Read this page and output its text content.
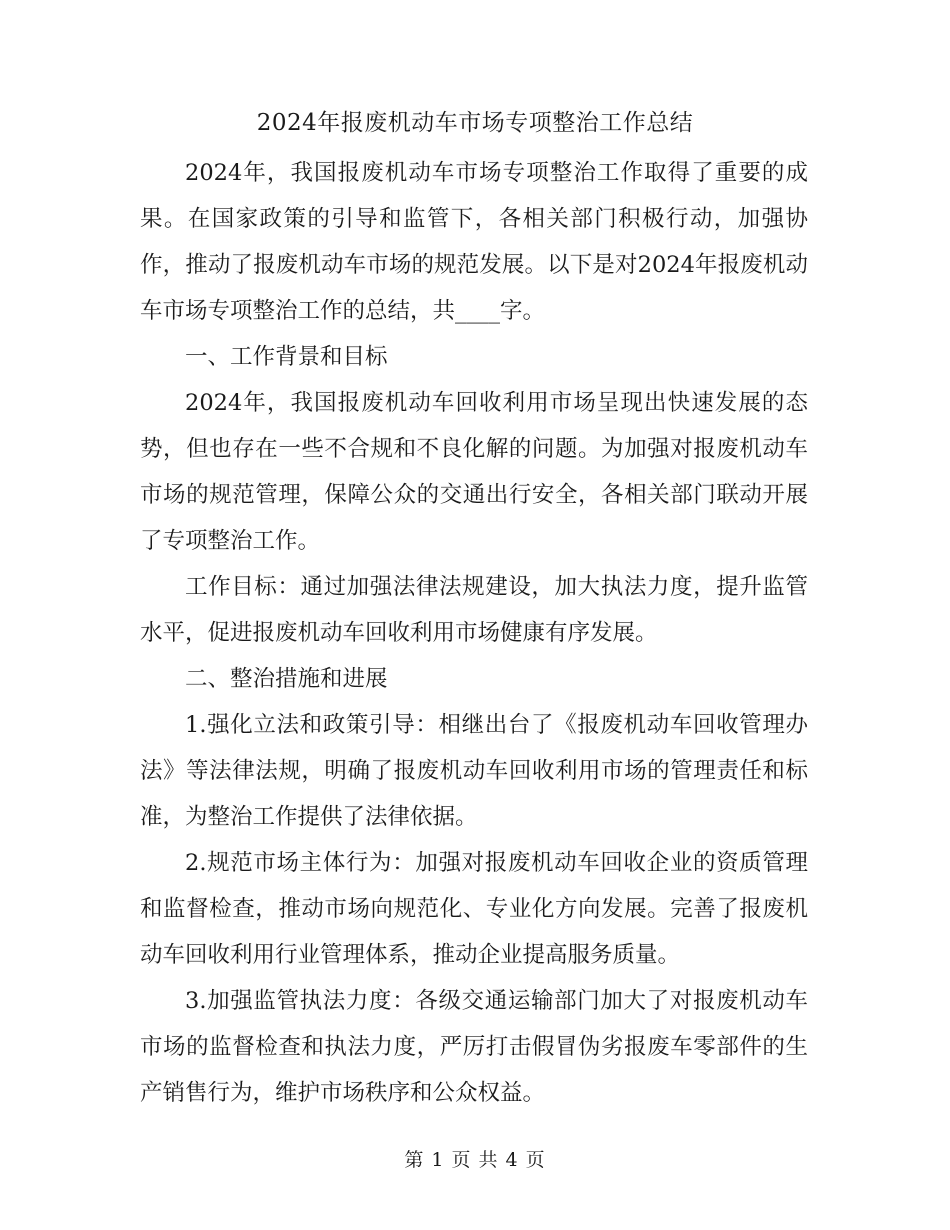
2024年报废机动车市场专项整治工作总结

2024年，我国报废机动车市场专项整治工作取得了重要的成果。在国家政策的引导和监管下，各相关部门积极行动，加强协作，推动了报废机动车市场的规范发展。以下是对2024年报废机动车市场专项整治工作的总结，共____字。

一、工作背景和目标

2024年，我国报废机动车回收利用市场呈现出快速发展的态势，但也存在一些不合规和不良化解的问题。为加强对报废机动车市场的规范管理，保障公众的交通出行安全，各相关部门联动开展了专项整治工作。

工作目标：通过加强法律法规建设，加大执法力度，提升监管水平，促进报废机动车回收利用市场健康有序发展。

二、整治措施和进展

1.强化立法和政策引导：相继出台了《报废机动车回收管理办法》等法律法规，明确了报废机动车回收利用市场的管理责任和标准，为整治工作提供了法律依据。

2.规范市场主体行为：加强对报废机动车回收企业的资质管理和监督检查，推动市场向规范化、专业化方向发展。完善了报废机动车回收利用行业管理体系，推动企业提高服务质量。

3.加强监管执法力度：各级交通运输部门加大了对报废机动车市场的监督检查和执法力度，严厉打击假冒伪劣报废车零部件的生产销售行为，维护市场秩序和公众权益。

第 1 页 共 4 页
